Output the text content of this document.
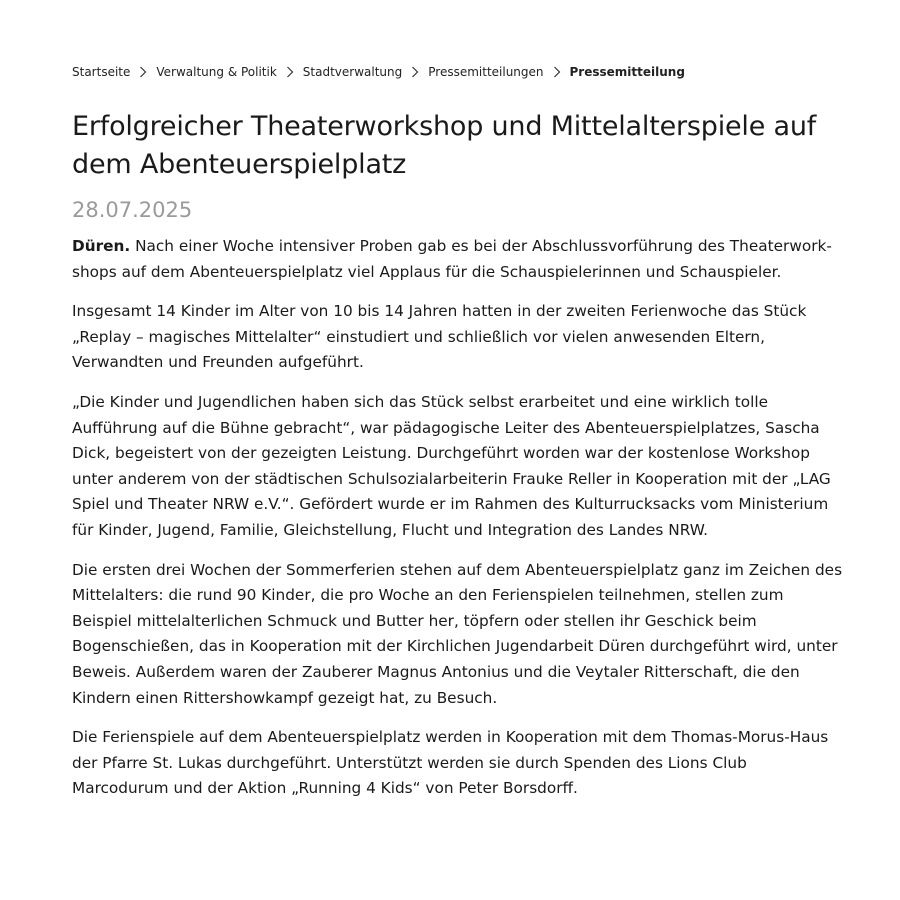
Startseite Verwaltung & Politik Stadtverwaltung Pressemitteilungen Pressemitteilung
Erfolgreicher Theaterworkshop und Mittelalterspiele auf dem Abenteuerspielplatz
28.07.2025

Düren. Nach einer Woche intensiver Proben gab es bei der Abschlussvorführung des Theaterworkshops auf dem Abenteuerspielplatz viel Applaus für die Schauspielerinnen und Schauspieler.

Insgesamt 14 Kinder im Alter von 10 bis 14 Jahren hatten in der zweiten Ferienwoche das Stück „Replay – magisches Mittelalter“ einstudiert und schließlich vor vielen anwesenden Eltern, Verwandten und Freunden aufgeführt.

„Die Kinder und Jugendlichen haben sich das Stück selbst erarbeitet und eine wirklich tolle Aufführung auf die Bühne gebracht“, war pädagogische Leiter des Abenteuerspielplatzes, Sascha Dick, begeistert von der gezeigten Leistung. Durchgeführt worden war der kostenlose Workshop unter anderem von der städtischen Schulsozialarbeiterin Frauke Reller in Kooperation mit der „LAG Spiel und Theater NRW e.V.“. Gefördert wurde er im Rahmen des Kulturrucksacks vom Ministerium für Kinder, Jugend, Familie, Gleichstellung, Flucht und Integration des Landes NRW.

Die ersten drei Wochen der Sommerferien stehen auf dem Abenteuerspielplatz ganz im Zeichen des Mittelalters: die rund 90 Kinder, die pro Woche an den Ferienspielen teilnehmen, stellen zum Beispiel mittelalterlichen Schmuck und Butter her, töpfern oder stellen ihr Geschick beim Bogenschießen, das in Kooperation mit der Kirchlichen Jugendarbeit Düren durchgeführt wird, unter Beweis. Außerdem waren der Zauberer Magnus Antonius und die Veytaler Ritterschaft, die den Kindern einen Rittershowkampf gezeigt hat, zu Besuch.

Die Ferienspiele auf dem Abenteuerspielplatz werden in Kooperation mit dem Thomas-Morus-Haus der Pfarre St. Lukas durchgeführt. Unterstützt werden sie durch Spenden des Lions Club Marcodurum und der Aktion „Running 4 Kids“ von Peter Borsdorff.
